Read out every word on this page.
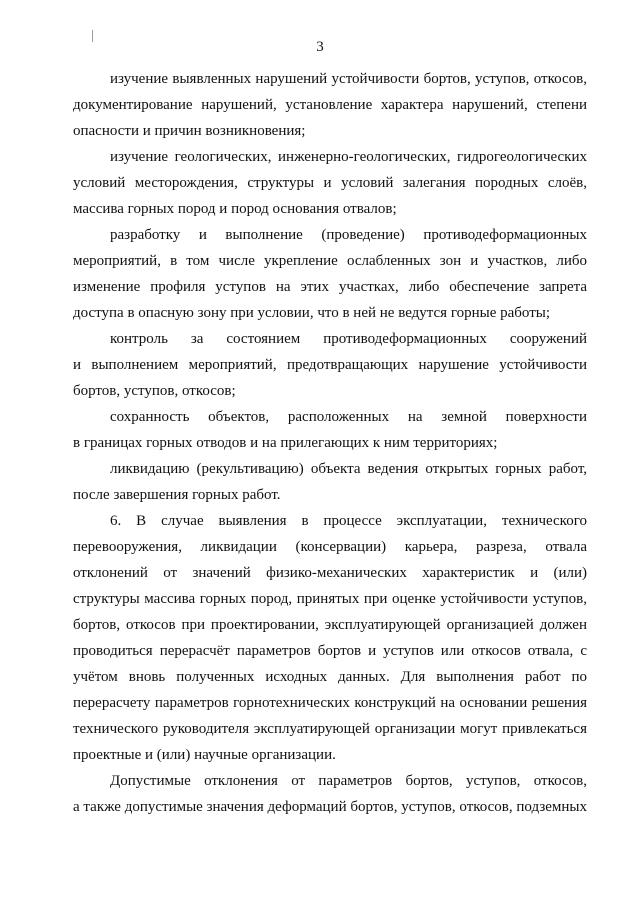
3
изучение выявленных нарушений устойчивости бортов, уступов, откосов,
документирование нарушений, установление характера нарушений, степени
опасности и причин возникновения;
изучение геологических, инженерно-геологических, гидрогеологических
условий месторождения, структуры и условий залегания породных слоёв,
массива горных пород и пород основания отвалов;
разработку и выполнение (проведение) противодеформационных
мероприятий, в том числе укрепление ослабленных зон и участков, либо
изменение профиля уступов на этих участках, либо обеспечение запрета
доступа в опасную зону при условии, что в ней не ведутся горные работы;
контроль за состоянием противодеформационных сооружений
и выполнением мероприятий, предотвращающих нарушение устойчивости
бортов, уступов, откосов;
сохранность объектов, расположенных на земной поверхности
в границах горных отводов и на прилегающих к ним территориях;
ликвидацию (рекультивацию) объекта ведения открытых горных работ,
после завершения горных работ.
6. В случае выявления в процессе эксплуатации, технического
перевооружения, ликвидации (консервации) карьера, разреза, отвала
отклонений от значений физико-механических характеристик и (или)
структуры массива горных пород, принятых при оценке устойчивости уступов,
бортов, откосов при проектировании, эксплуатирующей организацией должен
проводиться перерасчёт параметров бортов и уступов или откосов отвала, с
учётом вновь полученных исходных данных. Для выполнения работ по
перерасчету параметров горнотехнических конструкций на основании решения
технического руководителя эксплуатирующей организации могут привлекаться
проектные и (или) научные организации.
Допустимые отклонения от параметров бортов, уступов, откосов,
а также допустимые значения деформаций бортов, уступов, откосов, подземных
